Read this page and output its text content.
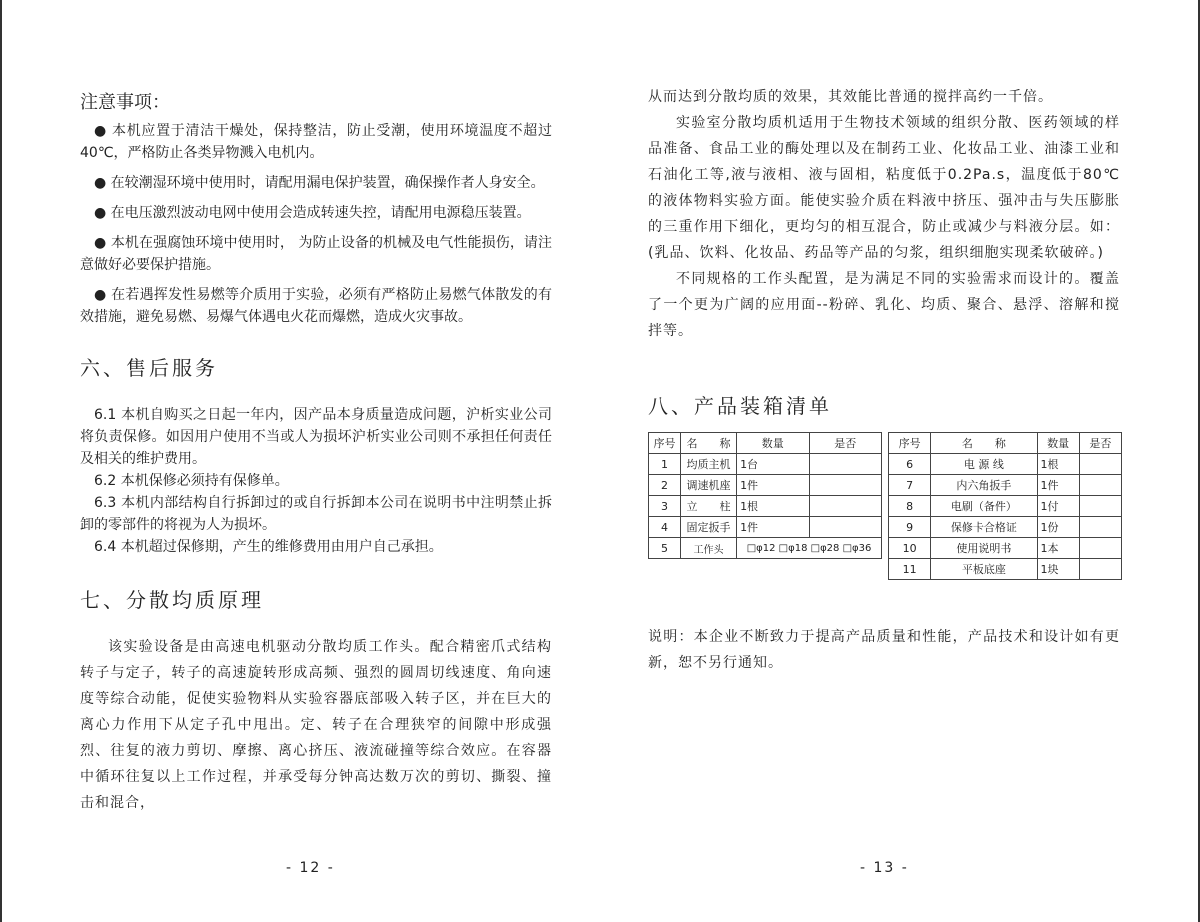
注意事项：

● 本机应置于清洁干燥处，保持整洁，防止受潮，使用环境温度不超过40℃，严格防止各类异物溅入电机内。

● 在较潮湿环境中使用时，请配用漏电保护装置，确保操作者人身安全。

● 在电压激烈波动电网中使用会造成转速失控，请配用电源稳压装置。

● 本机在强腐蚀环境中使用时， 为防止设备的机械及电气性能损伤，请注意做好必要保护措施。

● 在若遇挥发性易燃等介质用于实验，必须有严格防止易燃气体散发的有效措施，避免易燃、易爆气体遇电火花而爆燃，造成火灾事故。

六、售后服务

6.1 本机自购买之日起一年内，因产品本身质量造成问题，沪析实业公司将负责保修。如因用户使用不当或人为损坏沪析实业公司则不承担任何责任及相关的维护费用。

6.2 本机保修必须持有保修单。

6.3 本机内部结构自行拆卸过的或自行拆卸本公司在说明书中注明禁止拆卸的零部件的将视为人为损坏。

6.4 本机超过保修期，产生的维修费用由用户自己承担。

七、分散均质原理

该实验设备是由高速电机驱动分散均质工作头。配合精密爪式结构转子与定子，转子的高速旋转形成高频、强烈的圆周切线速度、角向速度等综合动能，促使实验物料从实验容器底部吸入转子区，并在巨大的离心力作用下从定子孔中甩出。定、转子在合理狭窄的间隙中形成强烈、往复的液力剪切、摩擦、离心挤压、液流碰撞等综合效应。在容器中循环往复以上工作过程，并承受每分钟高达数万次的剪切、撕裂、撞击和混合，

- 12 -

从而达到分散均质的效果，其效能比普通的搅拌高约一千倍。

实验室分散均质机适用于生物技术领域的组织分散、医药领域的样品准备、食品工业的酶处理以及在制药工业、化妆品工业、油漆工业和石油化工等,液与液相、液与固相，粘度低于0.2Pa.s，温度低于80℃的液体物料实验方面。能使实验介质在料液中挤压、强冲击与失压膨胀的三重作用下细化，更均匀的相互混合，防止或减少与料液分层。如：(乳品、饮料、化妆品、药品等产品的匀浆，组织细胞实现柔软破碎。)

不同规格的工作头配置，是为满足不同的实验需求而设计的。覆盖了一个更为广阔的应用面--粉碎、乳化、均质、聚合、悬浮、溶解和搅拌等。

八、产品装箱清单
序号	名　　称	数量	是否
1	均质主机	1台	
2	调速机座	1件	
3	立　　柱	1根	
4	固定扳手	1件	
5	工作头	□φ12 □φ18 □φ28 □φ36	
序号	名　　称	数量	是否
6	电 源 线	1根	
7	内六角扳手	1件	
8	电刷（备件）	1付	
9	保修卡合格证	1份	
10	使用说明书	1本	
11	平板底座	1块	

说明：本企业不断致力于提高产品质量和性能，产品技术和设计如有更新，恕不另行通知。

- 13 -
